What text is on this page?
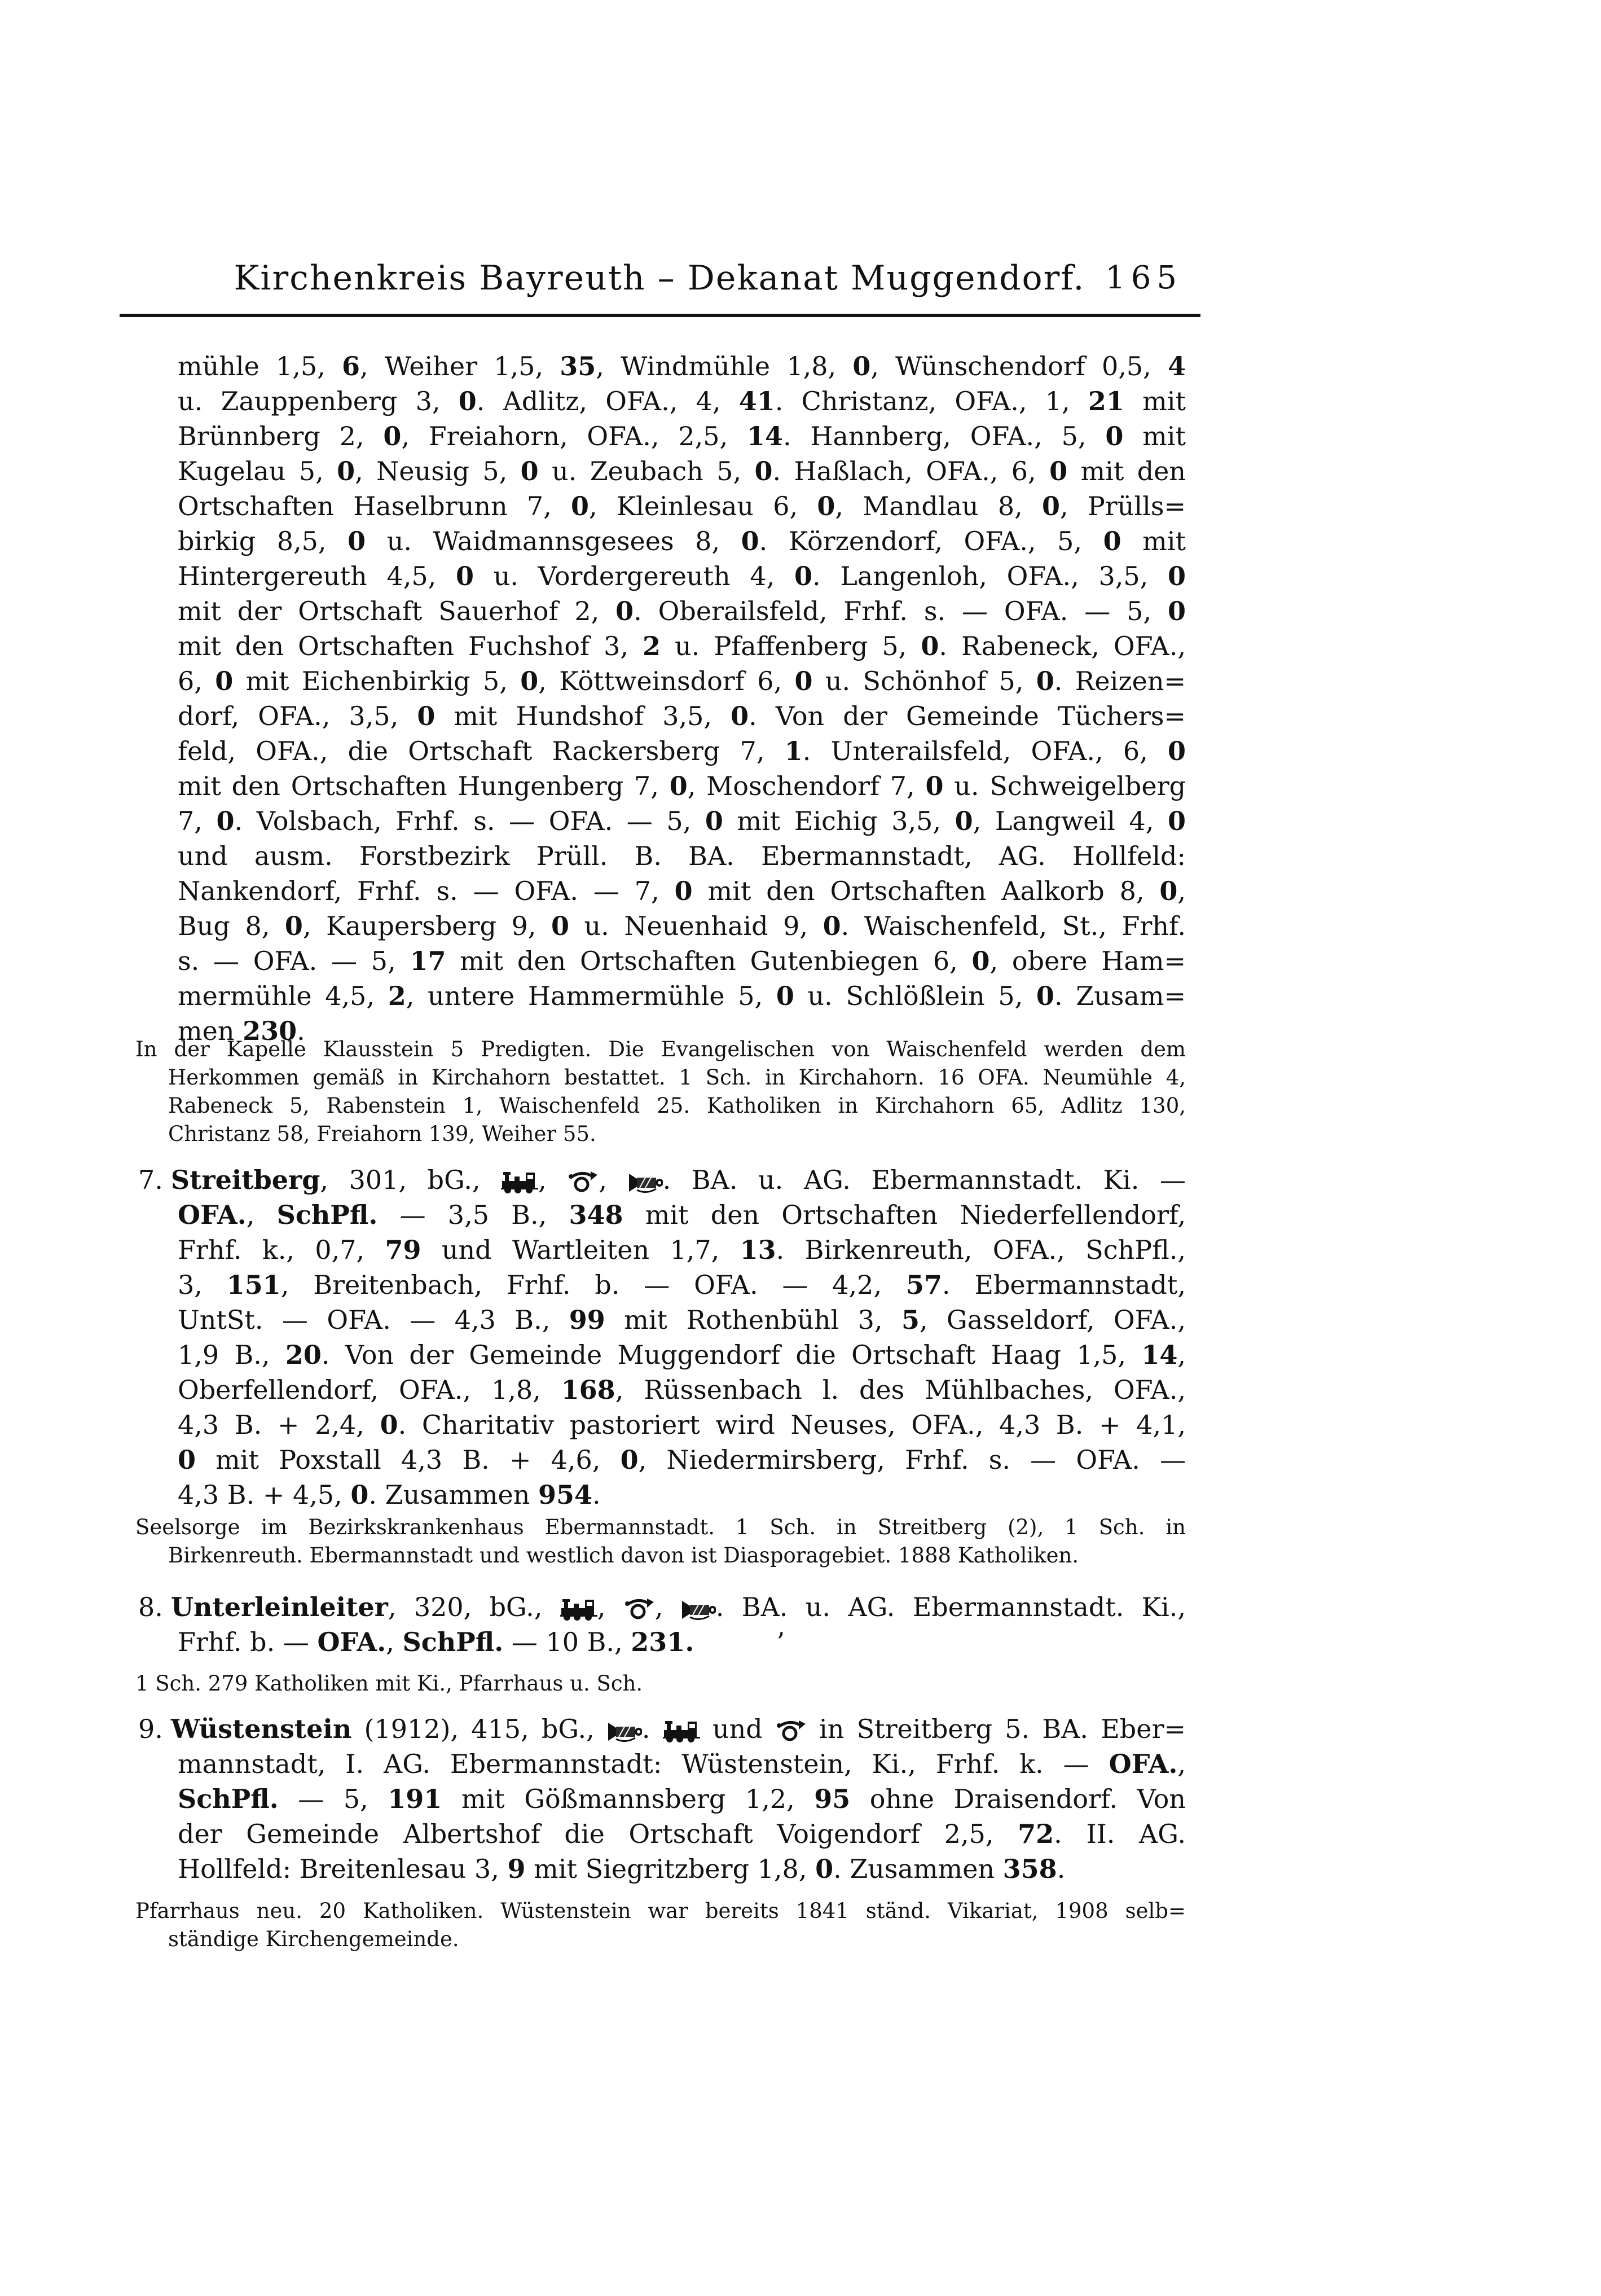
Kirchenkreis Bayreuth – Dekanat Muggendorf. 165
mühle 1,5, 6, Weiher 1,5, 35, Windmühle 1,8, 0, Wünschendorf 0,5, 4
u. Zauppenberg 3, 0. Adlitz, OFA., 4, 41. Christanz, OFA., 1, 21 mit
Brünnberg 2, 0, Freiahorn, OFA., 2,5, 14. Hannberg, OFA., 5, 0 mit
Kugelau 5, 0, Neusig 5, 0 u. Zeubach 5, 0. Haßlach, OFA., 6, 0 mit den
Ortschaften Haselbrunn 7, 0, Kleinlesau 6, 0, Mandlau 8, 0, Prülls=
birkig 8,5, 0 u. Waidmannsgesees 8, 0. Körzendorf, OFA., 5, 0 mit
Hintergereuth 4,5, 0 u. Vordergereuth 4, 0. Langenloh, OFA., 3,5, 0
mit der Ortschaft Sauerhof 2, 0. Oberailsfeld, Frhf. s. — OFA. — 5, 0
mit den Ortschaften Fuchshof 3, 2 u. Pfaffenberg 5, 0. Rabeneck, OFA.,
6, 0 mit Eichenbirkig 5, 0, Köttweinsdorf 6, 0 u. Schönhof 5, 0. Reizen=
dorf, OFA., 3,5, 0 mit Hundshof 3,5, 0. Von der Gemeinde Tüchers=
feld, OFA., die Ortschaft Rackersberg 7, 1. Unterailsfeld, OFA., 6, 0
mit den Ortschaften Hungenberg 7, 0, Moschendorf 7, 0 u. Schweigelberg
7, 0. Volsbach, Frhf. s. — OFA. — 5, 0 mit Eichig 3,5, 0, Langweil 4, 0
und ausm. Forstbezirk Prüll. B. BA. Ebermannstadt, AG. Hollfeld:
Nankendorf, Frhf. s. — OFA. — 7, 0 mit den Ortschaften Aalkorb 8, 0,
Bug 8, 0, Kaupersberg 9, 0 u. Neuenhaid 9, 0. Waischenfeld, St., Frhf.
s. — OFA. — 5, 17 mit den Ortschaften Gutenbiegen 6, 0, obere Ham=
mermühle 4,5, 2, untere Hammermühle 5, 0 u. Schlößlein 5, 0. Zusam=
men 230.
In der Kapelle Klausstein 5 Predigten. Die Evangelischen von Waischenfeld werden dem
Herkommen gemäß in Kirchahorn bestattet. 1 Sch. in Kirchahorn. 16 OFA. Neumühle 4,
Rabeneck 5, Rabenstein 1, Waischenfeld 25. Katholiken in Kirchahorn 65, Adlitz 130,
Christanz 58, Freiahorn 139, Weiher 55.
7. Streitberg, 301, bG., , , . BA. u. AG. Ebermannstadt. Ki. —
OFA., SchPfl. — 3,5 B., 348 mit den Ortschaften Niederfellendorf,
Frhf. k., 0,7, 79 und Wartleiten 1,7, 13. Birkenreuth, OFA., SchPfl.,
3, 151, Breitenbach, Frhf. b. — OFA. — 4,2, 57. Ebermannstadt,
UntSt. — OFA. — 4,3 B., 99 mit Rothenbühl 3, 5, Gasseldorf, OFA.,
1,9 B., 20. Von der Gemeinde Muggendorf die Ortschaft Haag 1,5, 14,
Oberfellendorf, OFA., 1,8, 168, Rüssenbach l. des Mühlbaches, OFA.,
4,3 B. + 2,4, 0. Charitativ pastoriert wird Neuses, OFA., 4,3 B. + 4,1,
0 mit Poxstall 4,3 B. + 4,6, 0, Niedermirsberg, Frhf. s. — OFA. —
4,3 B. + 4,5, 0. Zusammen 954.
Seelsorge im Bezirkskrankenhaus Ebermannstadt. 1 Sch. in Streitberg (2), 1 Sch. in
Birkenreuth. Ebermannstadt und westlich davon ist Diasporagebiet. 1888 Katholiken.
8. Unterleinleiter, 320, bG., , , . BA. u. AG. Ebermannstadt. Ki.,
Frhf. b. — OFA., SchPfl. — 10 B., 231.          ’
1 Sch. 279 Katholiken mit Ki., Pfarrhaus u. Sch.
9. Wüstenstein (1912), 415, bG., .  und  in Streitberg 5. BA. Eber=
mannstadt, I. AG. Ebermannstadt: Wüstenstein, Ki., Frhf. k. — OFA.,
SchPfl. — 5, 191 mit Gößmannsberg 1,2, 95 ohne Draisendorf. Von
der Gemeinde Albertshof die Ortschaft Voigendorf 2,5, 72. II. AG.
Hollfeld: Breitenlesau 3, 9 mit Siegritzberg 1,8, 0. Zusammen 358.
Pfarrhaus neu. 20 Katholiken. Wüstenstein war bereits 1841 ständ. Vikariat, 1908 selb=
ständige Kirchengemeinde.
